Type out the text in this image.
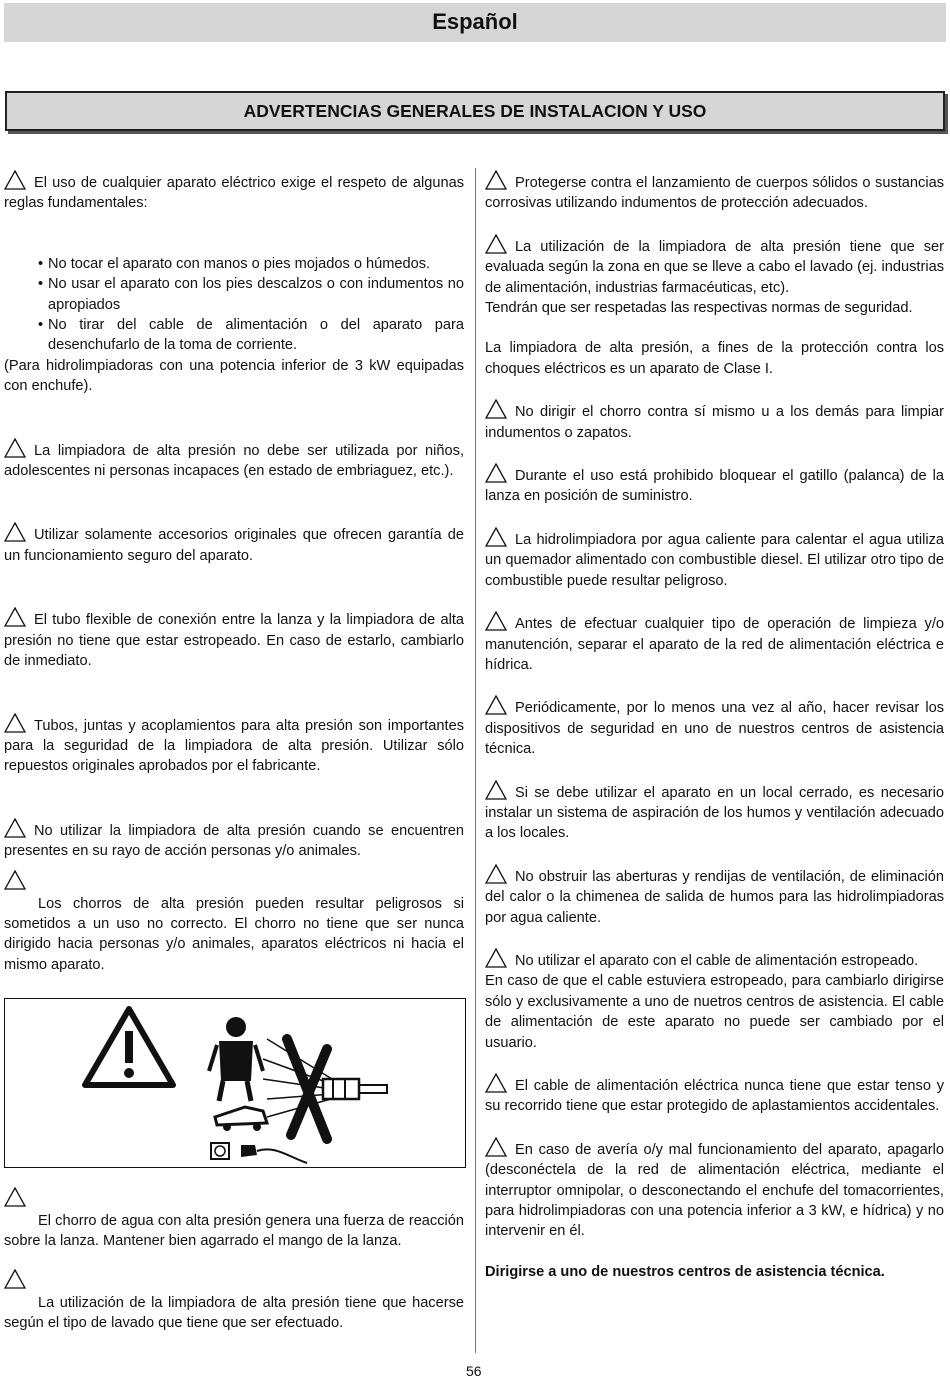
Español
ADVERTENCIAS GENERALES DE INSTALACION Y USO

El uso de cualquier aparato eléctrico exige el respeto de algunas reglas fundamentales:

• No tocar el aparato con manos o pies mojados o húmedos.
• No usar el aparato con los pies descalzos o con indumentos no apropiados
• No tirar del cable de alimentación o del aparato para desenchufarlo de la toma de corriente.

(Para hidrolimpiadoras con una potencia inferior de 3 kW equipadas con enchufe).

La limpiadora de alta presión no debe ser utilizada por niños, adolescentes ni personas incapaces (en estado de embriaguez, etc.).

Utilizar solamente accesorios originales que ofrecen garantía de un funcionamiento seguro del aparato.

El tubo flexible de conexión entre la lanza y la limpiadora de alta presión no tiene que estar estropeado. En caso de estarlo, cambiarlo de inmediato.

Tubos, juntas y acoplamientos para alta presión son importantes para la seguridad de la limpiadora de alta presión. Utilizar sólo repuestos originales aprobados por el fabricante.

No utilizar la limpiadora de alta presión cuando se encuentren presentes en su rayo de acción personas y/o animales.

Los chorros de alta presión pueden resultar peligrosos si sometidos a un uso no correcto. El chorro no tiene que ser nunca dirigido hacia personas y/o animales, aparatos eléctricos ni hacia el mismo aparato.

El chorro de agua con alta presión genera una fuerza de reacción sobre la lanza. Mantener bien agarrado el mango de la lanza.

La utilización de la limpiadora de alta presión tiene que hacerse según el tipo de lavado que tiene que ser efectuado.

Protegerse contra el lanzamiento de cuerpos sólidos o sustancias corrosivas utilizando indumentos de protección adecuados.

La utilización de la limpiadora de alta presión tiene que ser evaluada según la zona en que se lleve a cabo el lavado (ej. industrias de alimentación, industrias farmacéuticas, etc).

Tendrán que ser respetadas las respectivas normas de seguridad.

La limpiadora de alta presión, a fines de la protección contra los choques eléctricos es un aparato de Clase I.

No dirigir el chorro contra sí mismo u a los demás para limpiar indumentos o zapatos.

Durante el uso está prohibido bloquear el gatillo (palanca) de la lanza en posición de suministro.

La hidrolimpiadora por agua caliente para calentar el agua utiliza un quemador alimentado con combustible diesel. El utilizar otro tipo de combustible puede resultar peligroso.

Antes de efectuar cualquier tipo de operación de limpieza y/o manutención, separar el aparato de la red de alimentación eléctrica e hídrica.

Periódicamente, por lo menos una vez al año, hacer revisar los dispositivos de seguridad en uno de nuestros centros de asistencia técnica.

Si se debe utilizar el aparato en un local cerrado, es necesario instalar un sistema de aspiración de los humos y ventilación adecuado a los locales.

No obstruir las aberturas y rendijas de ventilación, de eliminación del calor o la chimenea de salida de humos para las hidrolimpiadoras por agua caliente.

No utilizar el aparato con el cable de alimentación estropeado.

En caso de que el cable estuviera estropeado, para cambiarlo dirigirse sólo y exclusivamente a uno de nuetros centros de asistencia. El cable de alimentación de este aparato no puede ser cambiado por el usuario.

El cable de alimentación eléctrica nunca tiene que estar tenso y su recorrido tiene que estar protegido de aplastamientos accidentales.

En caso de avería o/y mal funcionamiento del aparato, apagarlo (desconéctela de la red de alimentación eléctrica, mediante el interruptor omnipolar, o desconectando el enchufe del tomacorrientes, para hidrolimpiadoras con una potencia inferior a 3 kW, e hídrica) y no intervenir en él.

Dirigirse a uno de nuestros centros de asistencia técnica.

56
